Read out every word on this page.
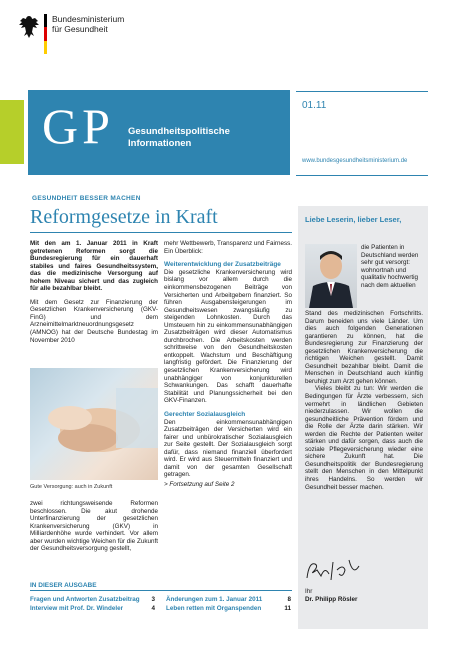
Bundesministerium
für Gesundheit
GP Gesundheitspolitische
Informationen
01.11
www.bundesgesundheitsministerium.de
GESUNDHEIT BESSER MACHEN
Reformgesetze in Kraft

Mit den am 1. Januar 2011 in Kraft getretenen Reformen sorgt die Bundesregierung für ein dauerhaft stabiles und faires Gesundheitssystem, das die medizinische Versorgung auf hohem Niveau sichert und das zugleich für alle bezahlbar bleibt.

Mit dem Gesetz zur Finanzierung der Gesetzlichen Krankenversicherung (GKV-FinG) und dem Arzneimittelmarktneuordnungsgesetz (AMNOG) hat der Deutsche Bundestag im November 2010

Gute Versorgung: auch in Zukunft

zwei richtungsweisende Reformen beschlossen. Die akut drohende Unterfinanzierung der gesetzlichen Krankenversicherung (GKV) in Milliardenhöhe wurde verhindert. Vor allem aber wurden wichtige Weichen für die Zukunft der Gesundheitsversorgung gestellt,

mehr Wettbewerb, Transparenz und Fairness. Ein Überblick:

Weiterentwicklung der Zusatzbeiträge

Die gesetzliche Krankenversicherung wird bislang vor allem durch die einkommensbezogenen Beiträge von Versicherten und Arbeitgebern finanziert. So führen Ausgabensteigerungen im Gesundheitswesen zwangsläufig zu steigenden Lohnkosten. Durch das Umsteuern hin zu einkommensunabhängigen Zusatzbeiträgen wird dieser Automatismus durchbrochen. Die Arbeitskosten werden schrittweise von den Gesundheitskosten entkoppelt. Wachstum und Beschäftigung langfristig gefördert. Die Finanzierung der gesetzlichen Krankenversicherung wird unabhängiger von konjunkturellen Schwankungen. Das schafft dauerhafte Stabilität und Planungssicherheit bei den GKV-Finanzen.

Gerechter Sozialausgleich

Den einkommensunabhängigen Zusatzbeiträgen der Versicherten wird ein fairer und unbürokratischer Sozialausgleich zur Seite gestellt. Der Sozialausgleich sorgt dafür, dass niemand finanziell überfordert wird. Er wird aus Steuermitteln finanziert und damit von der gesamten Gesellschaft getragen.

> Fortsetzung auf Seite 2
Liebe Leserin, lieber Leser,
die Patienten in Deutschland werden sehr gut versorgt: wohnortnah und qualitativ hochwertig nach dem aktuellen

Stand des medizinischen Fortschritts. Darum beneiden uns viele Länder. Um dies auch folgenden Generationen garantieren zu können, hat die Bundesregierung zur Finanzierung der gesetzlichen Krankenversicherung die richtigen Weichen gestellt. Damit Gesundheit bezahlbar bleibt. Damit die Menschen in Deutschland auch künftig beruhigt zum Arzt gehen können.

Vieles bleibt zu tun: Wir werden die Bedingungen für Ärzte verbessern, sich vermehrt in ländlichen Gebieten niederzulassen. Wir wollen die gesundheitliche Prävention fördern und die Rolle der Ärzte darin stärken. Wir werden die Rechte der Patienten weiter stärken und dafür sorgen, dass auch die soziale Pflegeversicherung wieder eine sichere Zukunft hat. Die Gesundheitspolitik der Bundesregierung stellt den Menschen in den Mittelpunkt ihres Handelns. So werden wir Gesundheit besser machen.

Ihr
Dr. Philipp Rösler
IN DIESER AUSGABE
Fragen und Antworten Zusatzbeitrag 3
Interview mit Prof. Dr. Windeler	4
Änderungen zum 1. Januar 2011	8
Leben retten mit Organspenden	11
